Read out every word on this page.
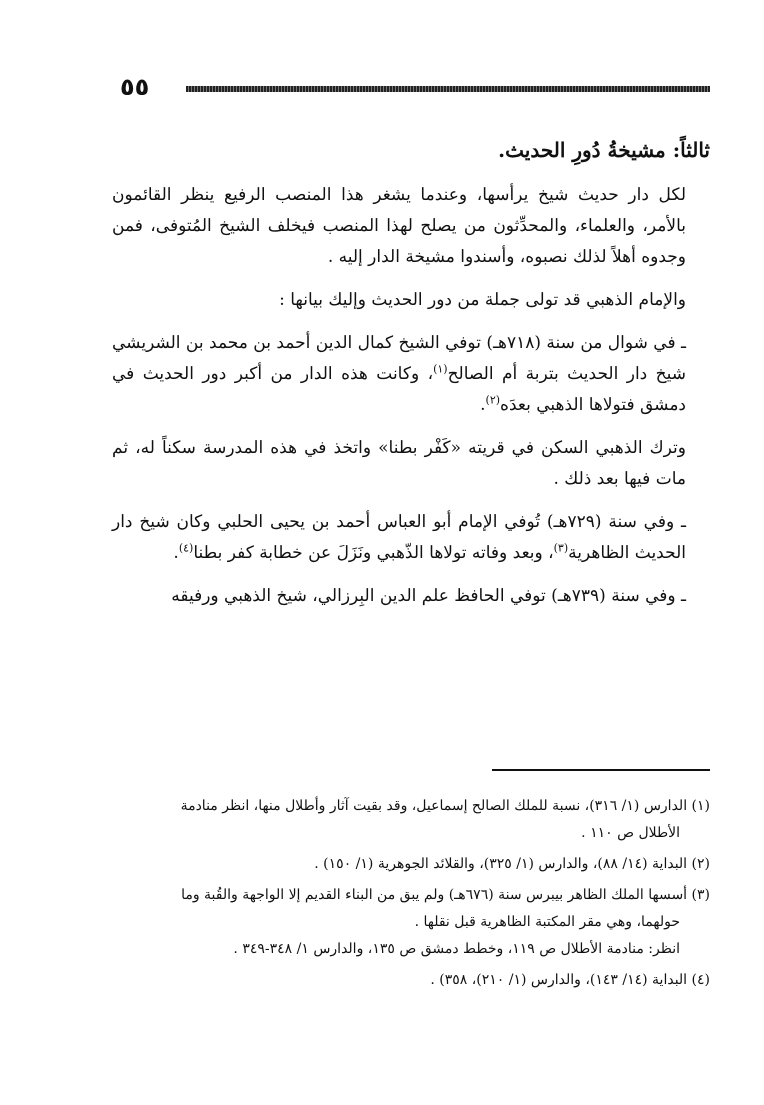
٥٥
ثالثاً: مشيخةُ دُورِ الحديث.

لكل دار حديث شيخ يرأسها، وعندما يشغر هذا المنصب الرفيع ينظر القائمون بالأمر، والعلماء، والمحدِّثون من يصلح لهذا المنصب فيخلف الشيخ المُتوفى، فمن وجدوه أهلاً لذلك نصبوه، وأسندوا مشيخة الدار إليه .

والإمام الذهبي قد تولى جملة من دور الحديث وإليك بيانها :

ـ في شوال من سنة (٧١٨هـ) توفي الشيخ كمال الدين أحمد بن محمد بن الشريشي شيخ دار الحديث بتربة أم الصالح$^{(١)}$، وكانت هذه الدار من أكبر دور الحديث في دمشق فتولاها الذهبي بعدَه$^{(٢)}$.

وترك الذهبي السكن في قريته «كَفْر بطنا» واتخذ في هذه المدرسة سكناً له، ثم مات فيها بعد ذلك .

ـ وفي سنة (٧٢٩هـ) تُوفي الإمام أبو العباس أحمد بن يحيى الحلبي وكان شيخ دار الحديث الظاهرية$^{(٣)}$، وبعد وفاته تولاها الذّهبي ونَزَلَ عن خطابة كفر بطنا$^{(٤)}$.

ـ وفي سنة (٧٣٩هـ) توفي الحافظ علم الدين البِرزالي، شيخ الذهبي ورفيقه

(١) الدارس (١/ ٣١٦)، نسبة للملك الصالح إسماعيل، وقد بقيت آثار وأطلال منها، انظر منادمة
الأطلال ص ١١٠ .
(٢) البداية (١٤/ ٨٨)، والدارس (١/ ٣٢٥)، والقلائد الجوهرية (١/ ١٥٠) .
(٣) أسسها الملك الظاهر بيبرس سنة (٦٧٦هـ) ولم يبق من البناء القديم إلا الواجهة والقُبة وما
حولهما، وهي مقر المكتبة الظاهرية قبل نقلها .
انظر: منادمة الأطلال ص ١١٩، وخطط دمشق ص ١٣٥، والدارس ١/ ٣٤٨-٣٤٩ .
(٤) البداية (١٤/ ١٤٣)، والدارس (١/ ٢١٠)، ٣٥٨) .
